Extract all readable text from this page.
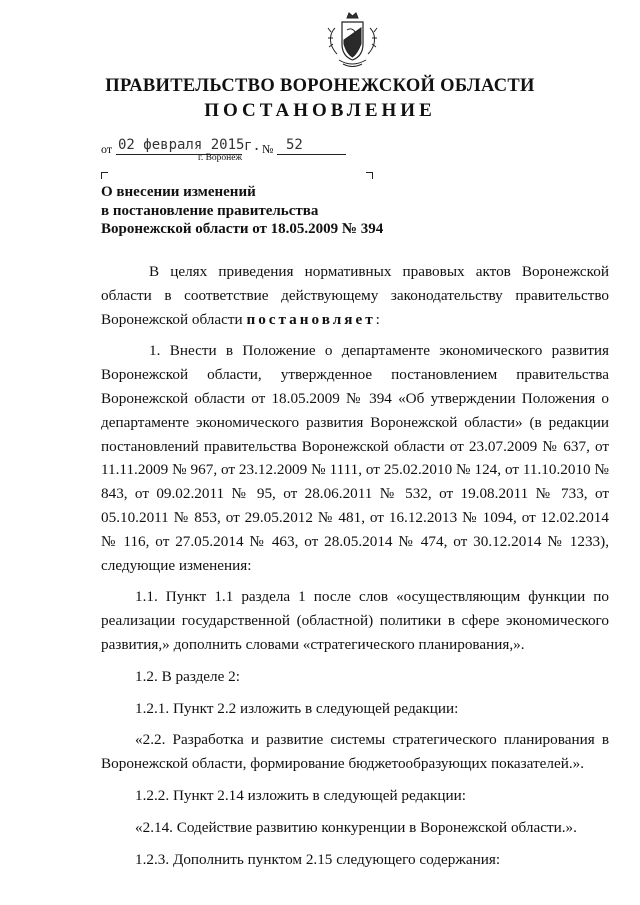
ПРАВИТЕЛЬСТВО ВОРОНЕЖСКОЙ ОБЛАСТИ
ПОСТАНОВЛЕНИЕ
от 02 февраля 2015 г. № 52
г. Воронеж
О внесении изменений
в постановление правительства
Воронежской области от 18.05.2009 № 394

В целях приведения нормативных правовых актов Воронежской области в соответствие действующему законодательству правительство Воронежской области постановляет:

1. Внести в Положение о департаменте экономического развития Воронежской области, утвержденное постановлением правительства Воронежской области от 18.05.2009 № 394 «Об утверждении Положения о департаменте экономического развития Воронежской области» (в редакции постановлений правительства Воронежской области от 23.07.2009 № 637, от 11.11.2009 № 967, от 23.12.2009 № 1111, от 25.02.2010 № 124, от 11.10.2010 № 843, от 09.02.2011 № 95, от 28.06.2011 № 532, от 19.08.2011 № 733, от 05.10.2011 № 853, от 29.05.2012 № 481, от 16.12.2013 № 1094, от 12.02.2014 № 116, от 27.05.2014 № 463, от 28.05.2014 № 474, от 30.12.2014 № 1233), следующие изменения:

1.1. Пункт 1.1 раздела 1 после слов «осуществляющим функции по реализации государственной (областной) политики в сфере экономического развития,» дополнить словами «стратегического планирования,».

1.2. В разделе 2:

1.2.1. Пункт 2.2 изложить в следующей редакции:

«2.2. Разработка и развитие системы стратегического планирования в Воронежской области, формирование бюджетообразующих показателей.».

1.2.2. Пункт 2.14 изложить в следующей редакции:

«2.14. Содействие развитию конкуренции в Воронежской области.».

1.2.3. Дополнить пунктом 2.15 следующего содержания:
